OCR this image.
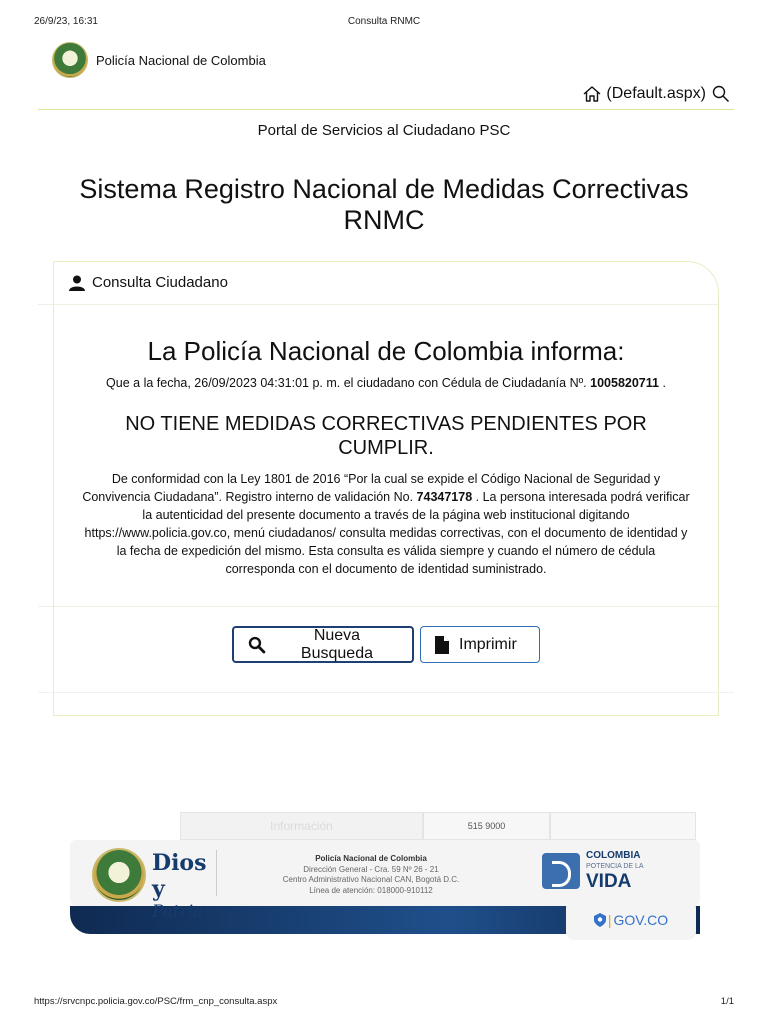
26/9/23, 16:31	Consulta RNMC
Policía Nacional de Colombia
(Default.aspx)
Portal de Servicios al Ciudadano PSC
Sistema Registro Nacional de Medidas Correctivas RNMC
Consulta Ciudadano
La Policía Nacional de Colombia informa:
Que a la fecha, 26/09/2023 04:31:01 p. m. el ciudadano con Cédula de Ciudadanía Nº. 1005820711 .
NO TIENE MEDIDAS CORRECTIVAS PENDIENTES POR CUMPLIR.
De conformidad con la Ley 1801 de 2016 “Por la cual se expide el Código Nacional de Seguridad y Convivencia Ciudadana”. Registro interno de validación No. 74347178 . La persona interesada podrá verificar la autenticidad del presente documento a través de la página web institucional digitando https://www.policia.gov.co, menú ciudadanos/ consulta medidas correctivas, con el documento de identidad y la fecha de expedición del mismo. Esta consulta es válida siempre y cuando el número de cédula corresponda con el documento de identidad suministrado.
Nueva Busqueda
Imprimir
Información	515 9000
Dios y
Patria
Policía Nacional de Colombia
Dirección General - Cra. 59 Nº 26 - 21
Centro Administrativo Nacional CAN, Bogotá D.C.
Línea de atención: 018000-910112
COLOMBIA
POTENCIA DE LA
VIDA
| GOV.CO
https://srvcnpc.policia.gov.co/PSC/frm_cnp_consulta.aspx	1/1
